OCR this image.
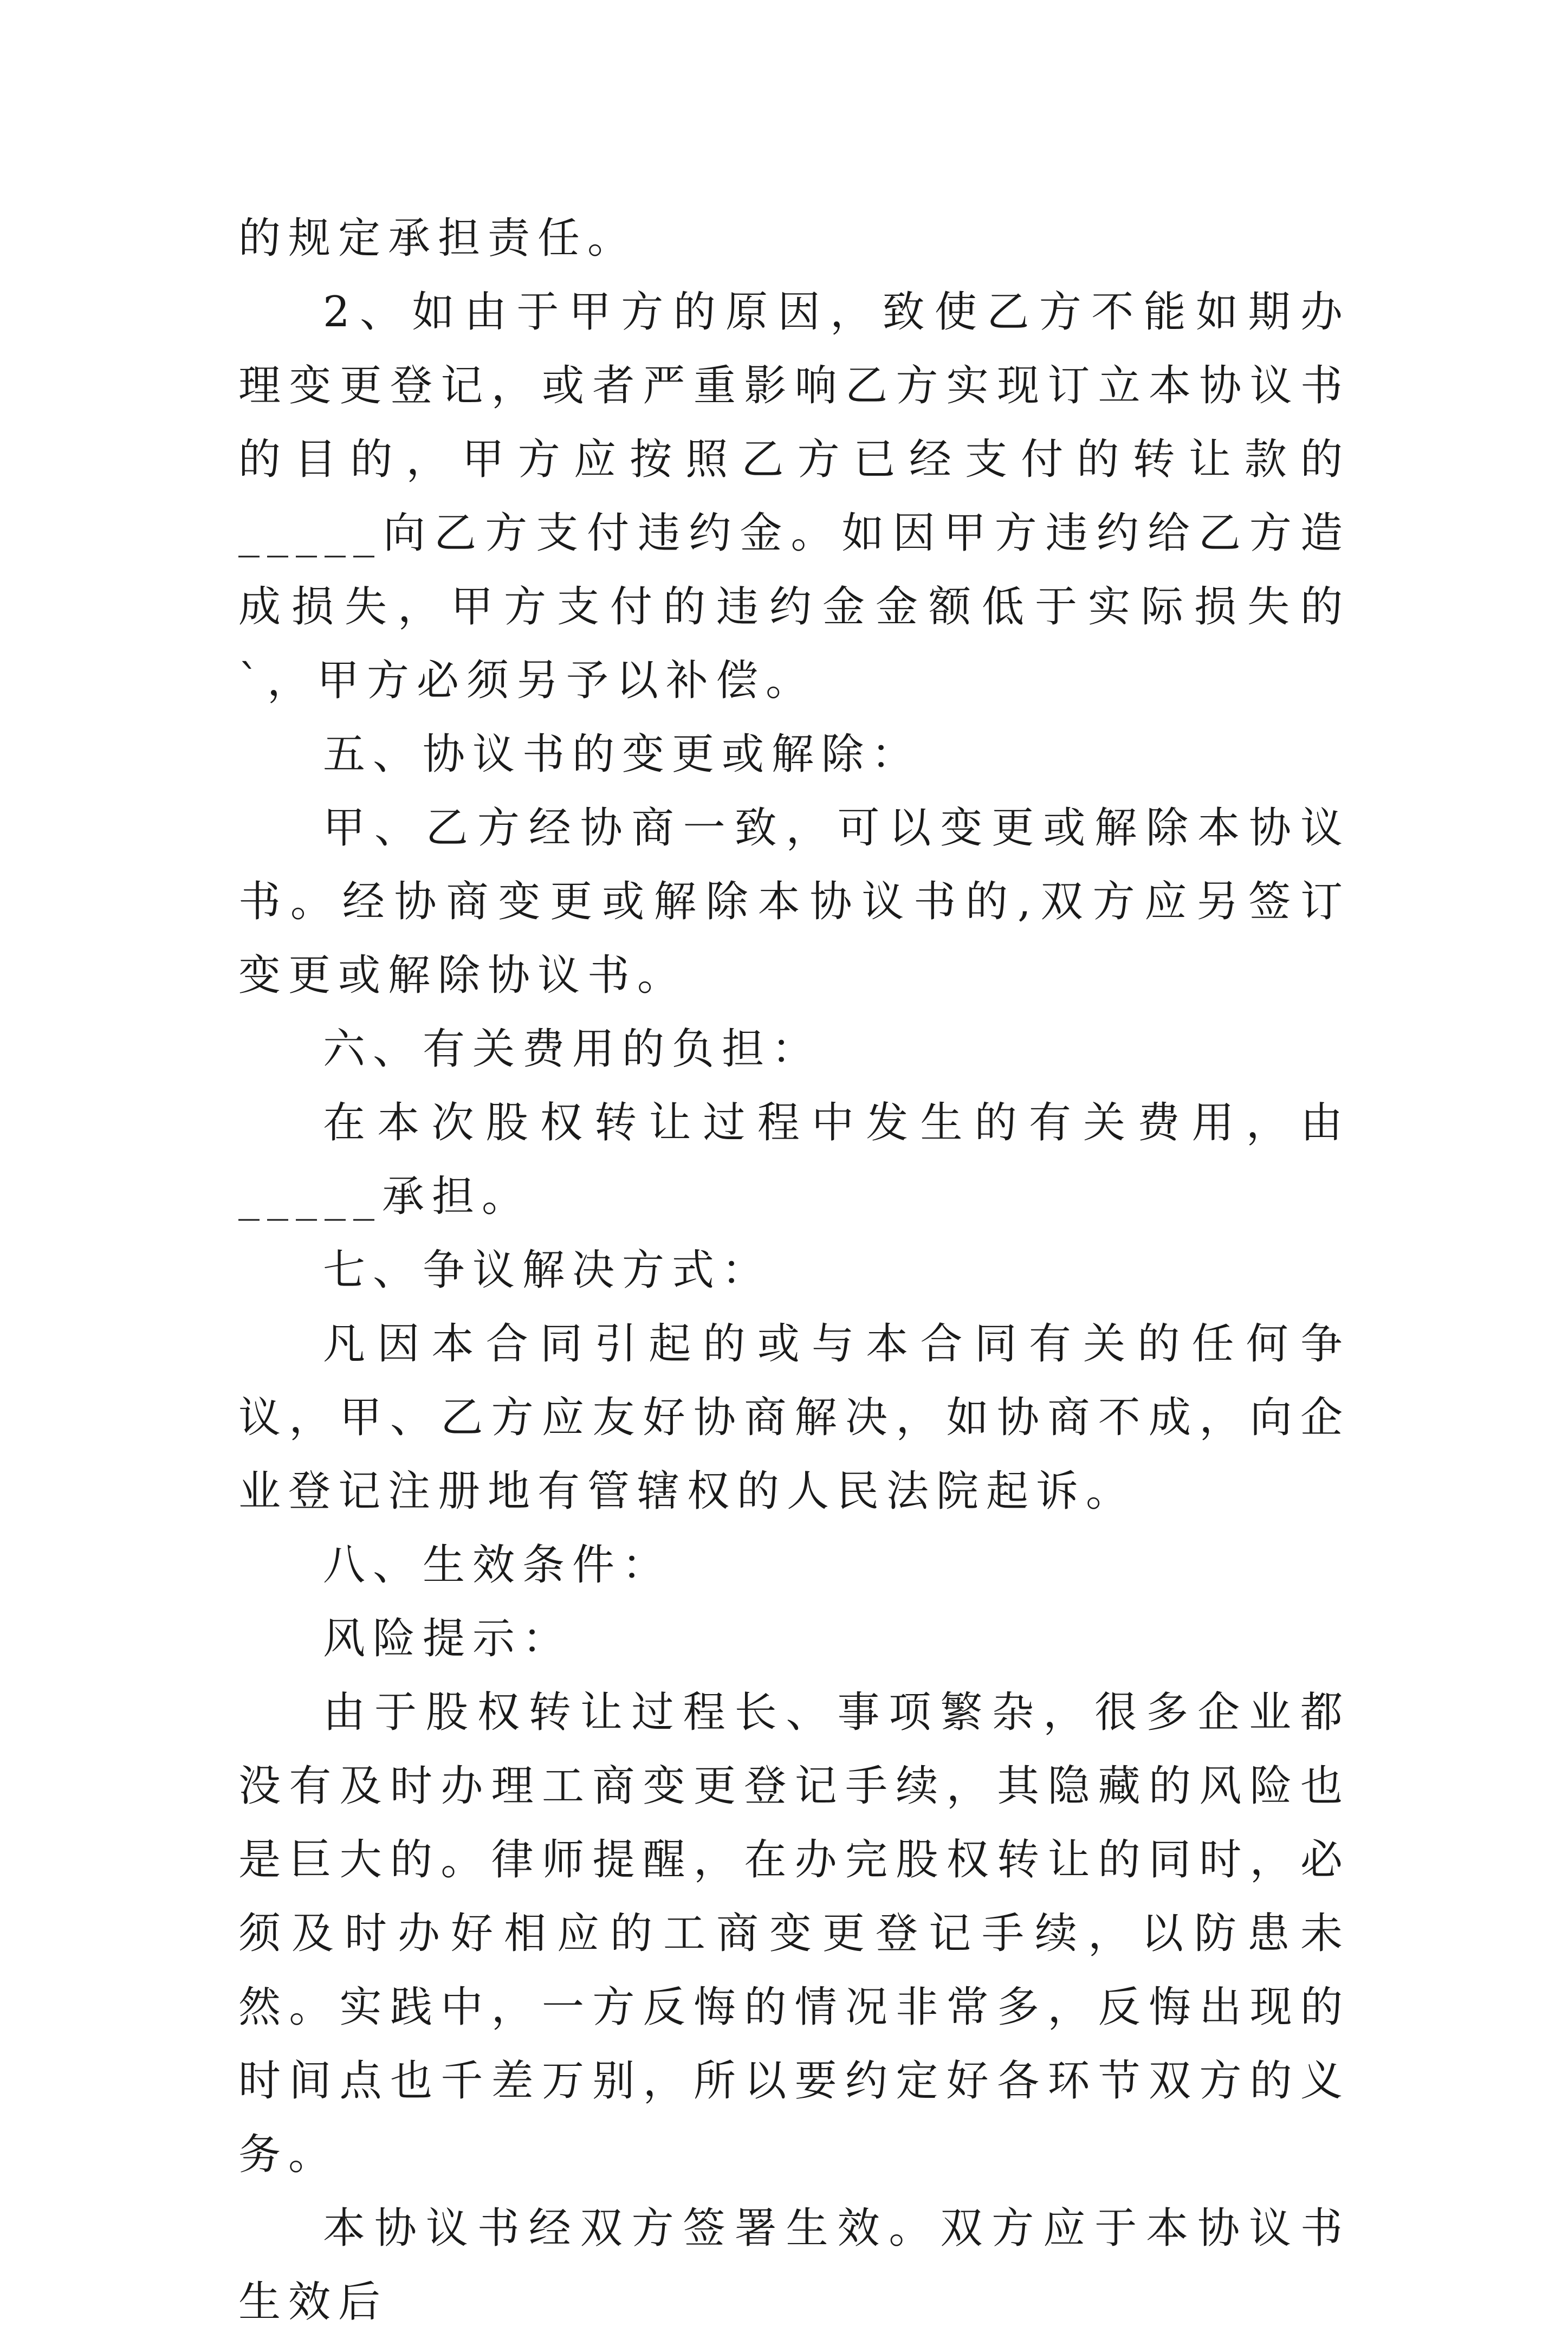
的规定承担责任。

2、如由于甲方的原因，致使乙方不能如期办理变更登记，或者严重影响乙方实现订立本协议书的目的，甲方应按照乙方已经支付的转让款的_____向乙方支付违约金。如因甲方违约给乙方造成损失，甲方支付的违约金金额低于实际损失的`，甲方必须另予以补偿。

五、协议书的变更或解除：

甲、乙方经协商一致，可以变更或解除本协议书。经协商变更或解除本协议书的,双方应另签订变更或解除协议书。

六、有关费用的负担：

在本次股权转让过程中发生的有关费用，由_____承担。

七、争议解决方式：

凡因本合同引起的或与本合同有关的任何争议，甲、乙方应友好协商解决，如协商不成，向企业登记注册地有管辖权的人民法院起诉。

八、生效条件：

风险提示：

由于股权转让过程长、事项繁杂，很多企业都没有及时办理工商变更登记手续，其隐藏的风险也是巨大的。律师提醒，在办完股权转让的同时，必须及时办好相应的工商变更登记手续，以防患未然。实践中，一方反悔的情况非常多，反悔出现的时间点也千差万别，所以要约定好各环节双方的义务。

本协议书经双方签署生效。双方应于本协议书生效后
